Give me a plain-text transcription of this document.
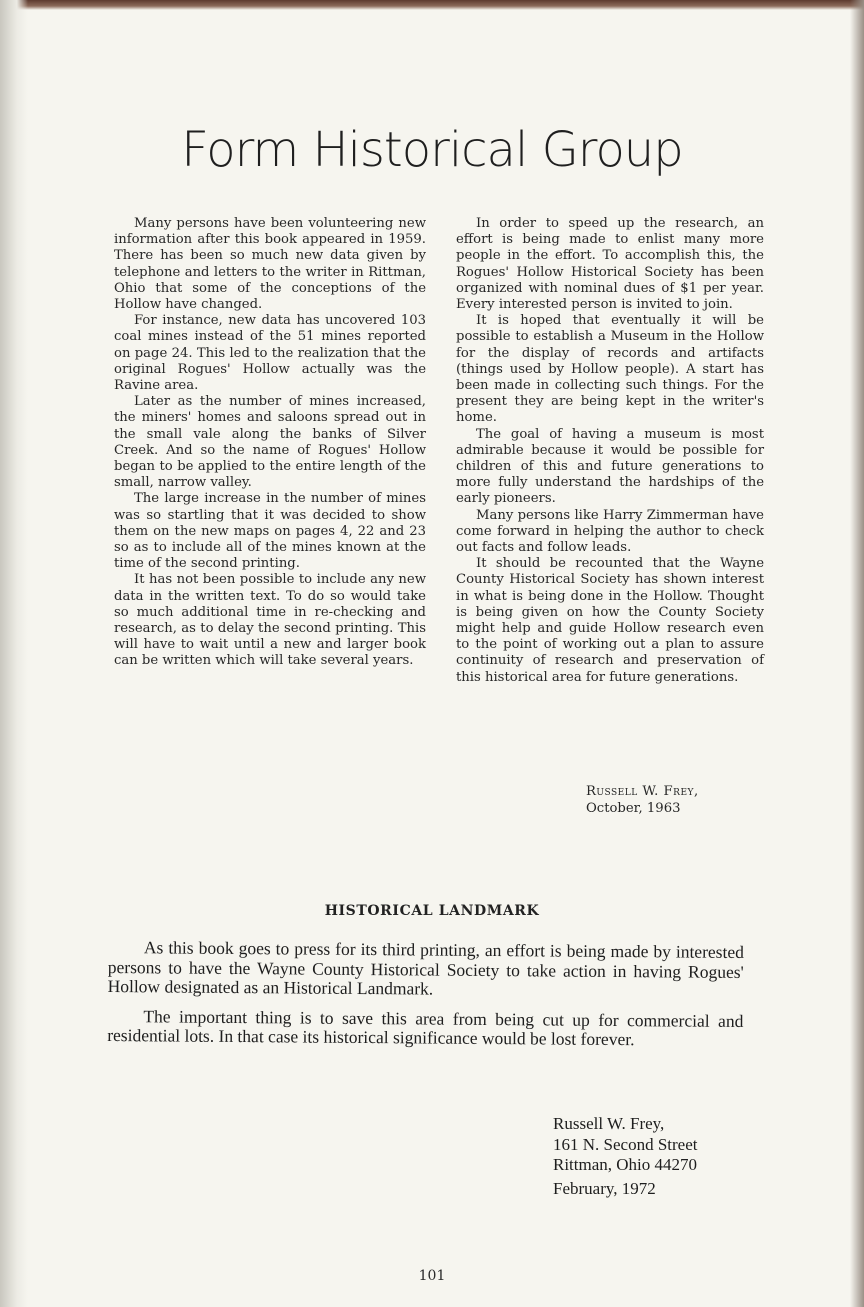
Form Historical Group

Many persons have been volunteering new information after this book appeared in 1959. There has been so much new data given by telephone and letters to the writer in Rittman, Ohio that some of the conceptions of the Hollow have changed.

For instance, new data has uncovered 103 coal mines instead of the 51 mines reported on page 24. This led to the realization that the original Rogues' Hollow actually was the Ravine area.

Later as the number of mines increased, the miners' homes and saloons spread out in the small vale along the banks of Silver Creek. And so the name of Rogues' Hollow began to be applied to the entire length of the small, narrow valley.

The large increase in the number of mines was so startling that it was decided to show them on the new maps on pages 4, 22 and 23 so as to include all of the mines known at the time of the second printing.

It has not been possible to include any new data in the written text. To do so would take so much additional time in re-checking and research, as to delay the second printing. This will have to wait until a new and larger book can be written which will take several years.

In order to speed up the research, an effort is being made to enlist many more people in the effort. To accomplish this, the Rogues' Hollow Historical Society has been organized with nominal dues of $1 per year. Every interested person is invited to join.

It is hoped that eventually it will be possible to establish a Museum in the Hollow for the display of records and artifacts (things used by Hollow people). A start has been made in collecting such things. For the present they are being kept in the writer's home.

The goal of having a museum is most admirable because it would be possible for children of this and future generations to more fully understand the hardships of the early pioneers.

Many persons like Harry Zimmerman have come forward in helping the author to check out facts and follow leads.

It should be recounted that the Wayne County Historical Society has shown interest in what is being done in the Hollow. Thought is being given on how the County Society might help and guide Hollow research even to the point of working out a plan to assure continuity of research and preservation of this historical area for future generations.

Russell W. Frey,
October, 1963
HISTORICAL LANDMARK

As this book goes to press for its third printing, an effort is being made by interested persons to have the Wayne County Historical Society to take action in having Rogues' Hollow designated as an Historical Landmark.

The important thing is to save this area from being cut up for commercial and residential lots. In that case its historical significance would be lost forever.

Russell W. Frey,
161 N. Second Street
Rittman, Ohio 44270
February, 1972
101
